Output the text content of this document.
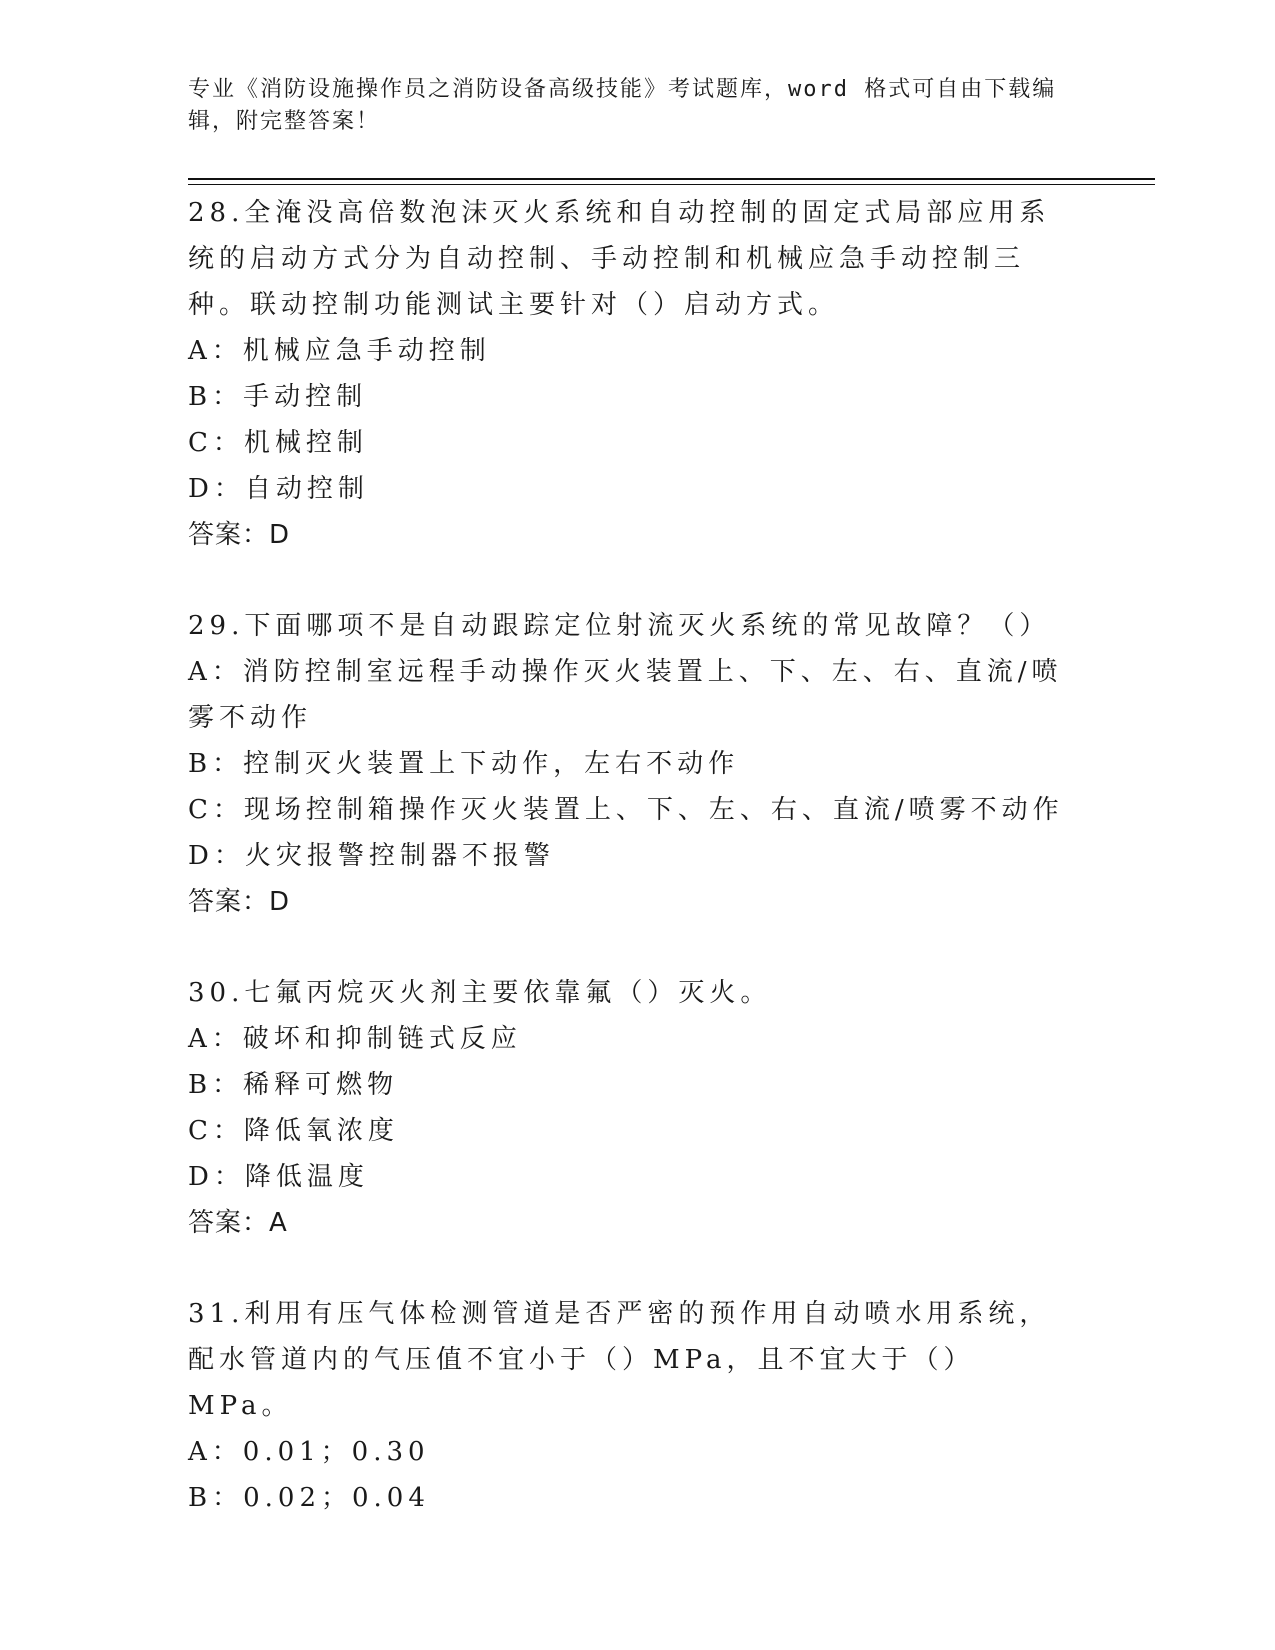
专业《消防设施操作员之消防设备高级技能》考试题库，word 格式可自由下载编辑，附完整答案！

28.全淹没高倍数泡沫灭火系统和自动控制的固定式局部应用系统的启动方式分为自动控制、手动控制和机械应急手动控制三种。联动控制功能测试主要针对（）启动方式。

A：机械应急手动控制

B：手动控制

C：机械控制

D：自动控制

答案：D

29.下面哪项不是自动跟踪定位射流灭火系统的常见故障？（）

A：消防控制室远程手动操作灭火装置上、下、左、右、直流/喷雾不动作

B：控制灭火装置上下动作，左右不动作

C：现场控制箱操作灭火装置上、下、左、右、直流/喷雾不动作

D：火灾报警控制器不报警

答案：D

30.七氟丙烷灭火剂主要依靠氟（）灭火。

A：破坏和抑制链式反应

B：稀释可燃物

C：降低氧浓度

D：降低温度

答案：A

31.利用有压气体检测管道是否严密的预作用自动喷水用系统，配水管道内的气压值不宜小于（）MPa，且不宜大于（）MPa。

A：0.01；0.30

B：0.02；0.04
